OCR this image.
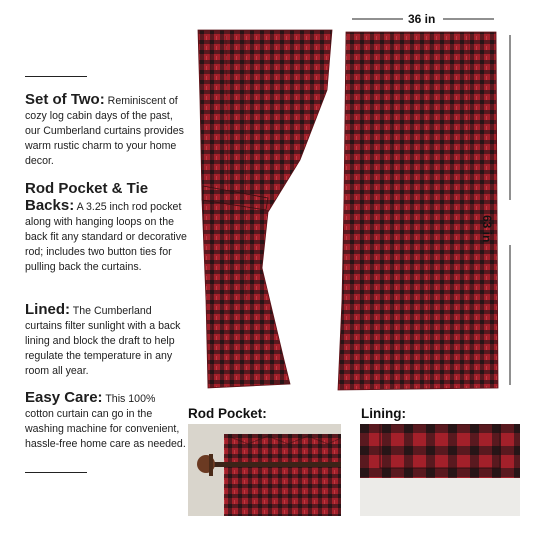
Set of Two: Reminiscent of cozy log cabin days of the past, our Cumberland curtains provides warm rustic charm to your home decor.
Rod Pocket & Tie Backs: A 3.25 inch rod pocket along with hanging loops on the back fit any standard or decorative rod; includes two button ties for pulling back the curtains.
Lined: The Cumberland curtains filter sunlight with a back lining and block the draft to help regulate the temperature in any room all year.
Easy Care: This 100% cotton curtain can go in the washing machine for convenient, hassle-free home care as needed.
36 in
63 in
Rod Pocket:	Lining:
